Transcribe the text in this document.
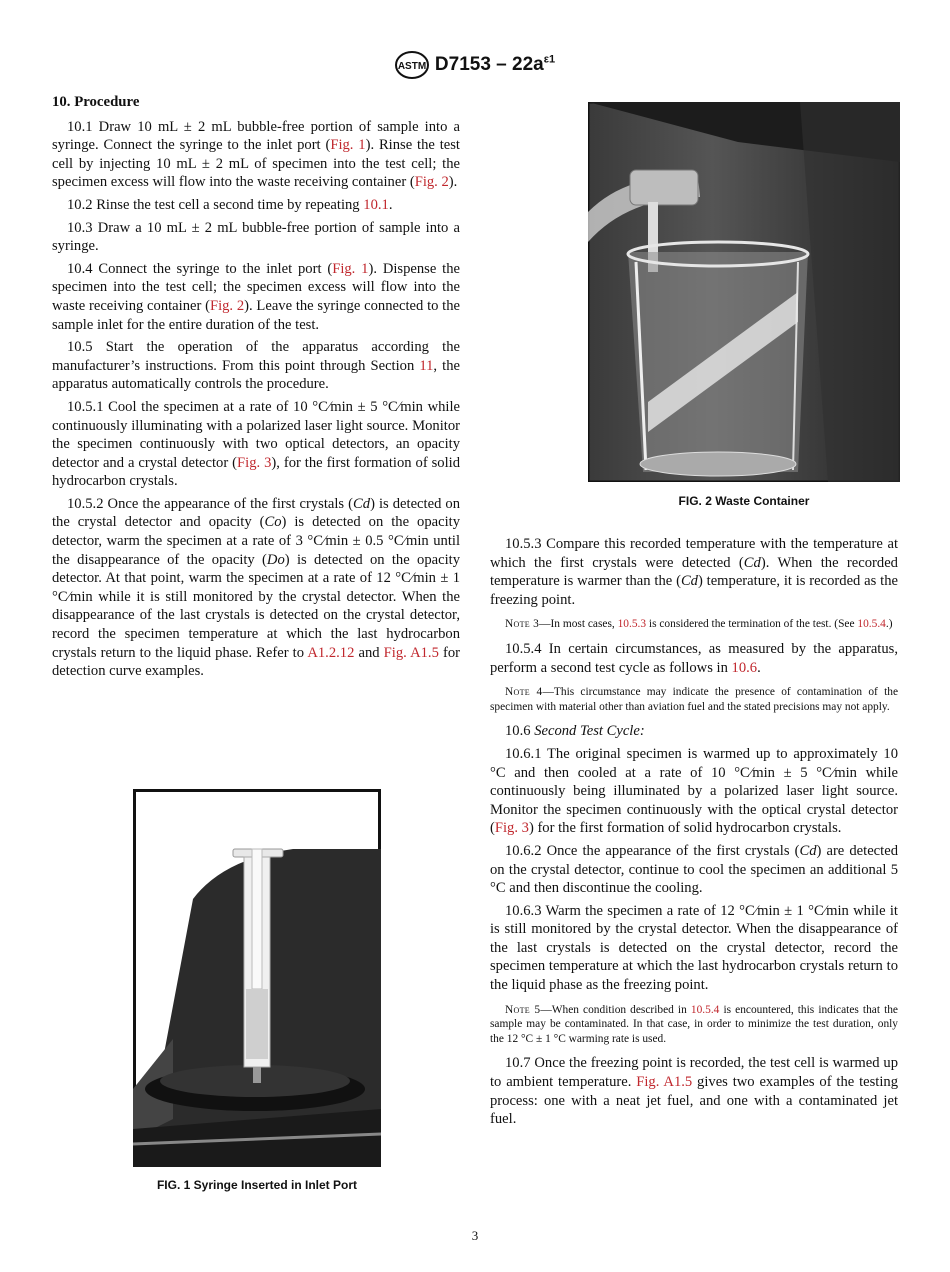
ASTM $D7153 - 22a^{\varepsilon 1}$

10. Procedure

10.1 Draw 10 mL ± 2 mL bubble-free portion of sample into a syringe. Connect the syringe to the inlet port (Fig. 1). Rinse the test cell by injecting 10 mL ± 2 mL of specimen into the test cell; the specimen excess will flow into the waste receiving container (Fig. 2).

10.2 Rinse the test cell a second time by repeating 10.1.

10.3 Draw a 10 mL ± 2 mL bubble-free portion of sample into a syringe.

10.4 Connect the syringe to the inlet port (Fig. 1). Dispense the specimen into the test cell; the specimen excess will flow into the waste receiving container (Fig. 2). Leave the syringe connected to the sample inlet for the entire duration of the test.

10.5 Start the operation of the apparatus according the manufacturer’s instructions. From this point through Section 11, the apparatus automatically controls the procedure.

10.5.1 Cool the specimen at a rate of 10 °C⁄min ± 5 °C⁄min while continuously illuminating with a polarized laser light source. Monitor the specimen continuously with two optical detectors, an opacity detector and a crystal detector (Fig. 3), for the first formation of solid hydrocarbon crystals.

10.5.2 Once the appearance of the first crystals (Cd) is detected on the crystal detector and opacity (Co) is detected on the opacity detector, warm the specimen at a rate of 3 °C⁄min ± 0.5 °C⁄min until the disappearance of the opacity (Do) is detected on the opacity detector. At that point, warm the specimen at a rate of 12 °C⁄min ± 1 °C⁄min while it is still monitored by the crystal detector. When the disappearance of the last crystals is detected on the crystal detector, record the specimen temperature at which the last hydrocarbon crystals return to the liquid phase. Refer to A1.2.12 and Fig. A1.5 for detection curve examples.

FIG. 2 Waste Container
FIG. 1 Syringe Inserted in Inlet Port

10.5.3 Compare this recorded temperature with the temperature at which the first crystals were detected (Cd). When the recorded temperature is warmer than the (Cd) temperature, it is recorded as the freezing point.

Note 3—In most cases, 10.5.3 is considered the termination of the test. (See 10.5.4.)

10.5.4 In certain circumstances, as measured by the apparatus, perform a second test cycle as follows in 10.6.

Note 4—This circumstance may indicate the presence of contamination of the specimen with material other than aviation fuel and the stated precisions may not apply.

10.6 Second Test Cycle:

10.6.1 The original specimen is warmed up to approximately 10 °C and then cooled at a rate of 10 °C⁄min ± 5 °C⁄min while continuously being illuminated by a polarized laser light source. Monitor the specimen continuously with the optical crystal detector (Fig. 3) for the first formation of solid hydrocarbon crystals.

10.6.2 Once the appearance of the first crystals (Cd) are detected on the crystal detector, continue to cool the specimen an additional 5 °C and then discontinue the cooling.

10.6.3 Warm the specimen a rate of 12 °C⁄min ± 1 °C⁄min while it is still monitored by the crystal detector. When the disappearance of the last crystals is detected on the crystal detector, record the specimen temperature at which the last hydrocarbon crystals return to the liquid phase as the freezing point.

Note 5—When condition described in 10.5.4 is encountered, this indicates that the sample may be contaminated. In that case, in order to minimize the test duration, only the 12 °C ± 1 °C warming rate is used.

10.7 Once the freezing point is recorded, the test cell is warmed up to ambient temperature. Fig. A1.5 gives two examples of the testing process: one with a neat jet fuel, and one with a contaminated jet fuel.

3
